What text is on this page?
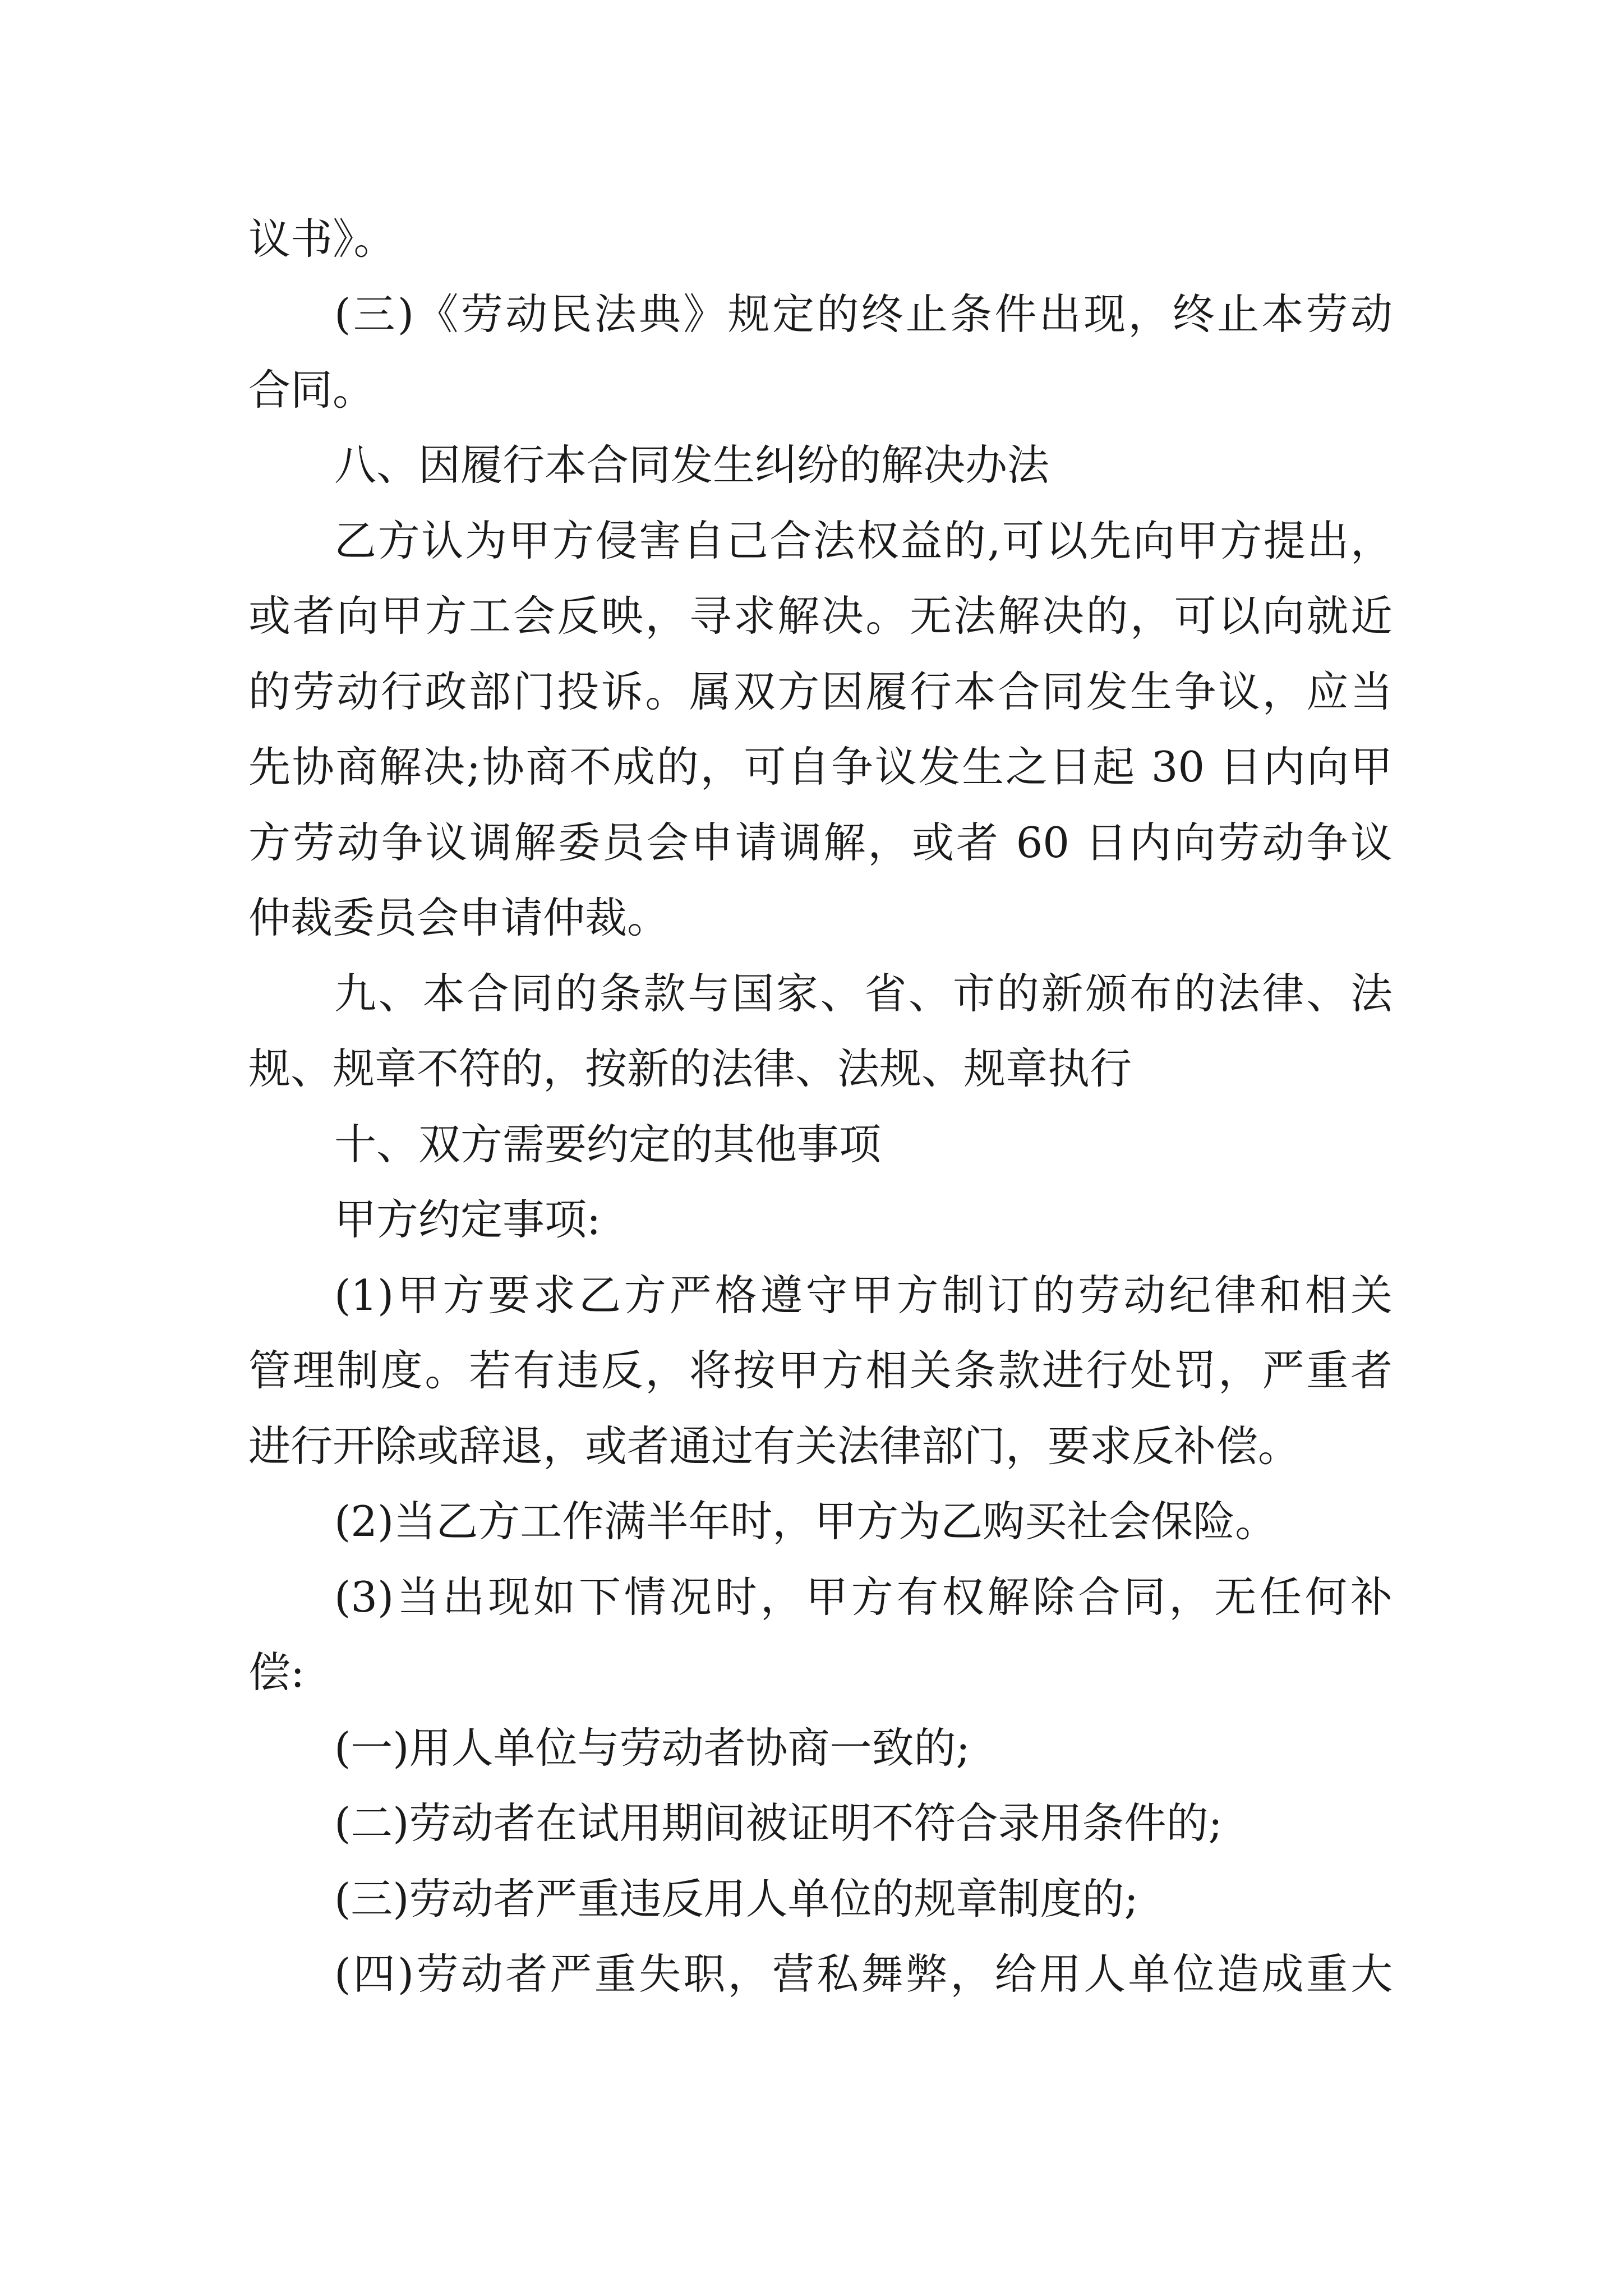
议书》。
(三)《劳动民法典》规定的终止条件出现，终止本劳动
合同。
八、因履行本合同发生纠纷的解决办法
乙方认为甲方侵害自己合法权益的,可以先向甲方提出，
或者向甲方工会反映，寻求解决。无法解决的，可以向就近
的劳动行政部门投诉。属双方因履行本合同发生争议，应当
先协商解决;协商不成的，可自争议发生之日起 30 日内向甲
方劳动争议调解委员会申请调解，或者 60 日内向劳动争议
仲裁委员会申请仲裁。
九、本合同的条款与国家、省、市的新颁布的法律、法
规、规章不符的，按新的法律、法规、规章执行
十、双方需要约定的其他事项
甲方约定事项:
(1)甲方要求乙方严格遵守甲方制订的劳动纪律和相关
管理制度。若有违反，将按甲方相关条款进行处罚，严重者
进行开除或辞退，或者通过有关法律部门，要求反补偿。
(2)当乙方工作满半年时，甲方为乙购买社会保险。
(3)当出现如下情况时，甲方有权解除合同，无任何补
偿:
(一)用人单位与劳动者协商一致的;
(二)劳动者在试用期间被证明不符合录用条件的;
(三)劳动者严重违反用人单位的规章制度的;
(四)劳动者严重失职，营私舞弊，给用人单位造成重大
